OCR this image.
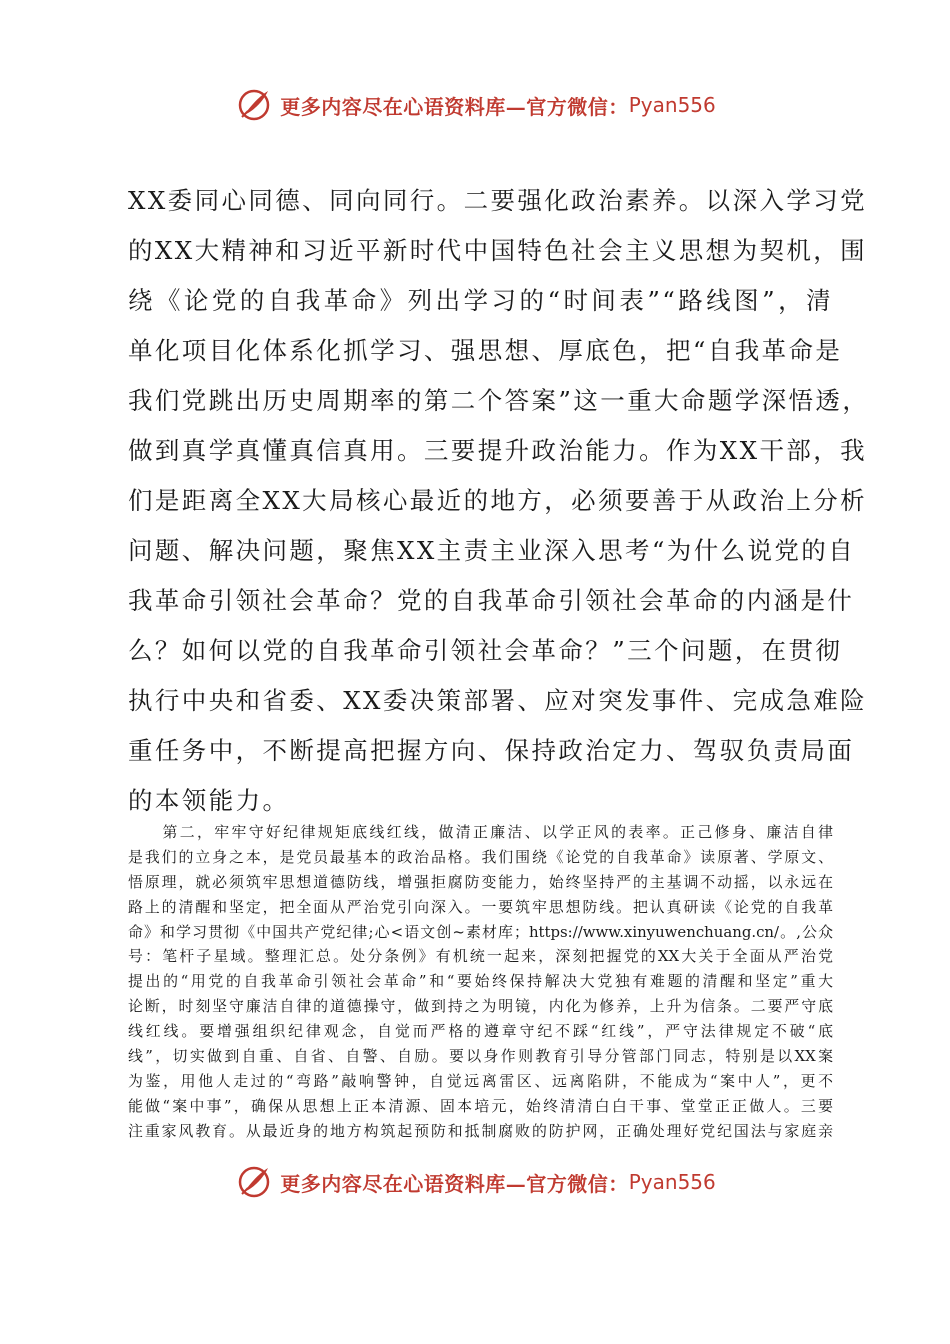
更多内容尽在心语资料库—官方微信： Pyan556
XX委同心同德、同向同行。二要强化政治素养。以深入学习党
的XX大精神和习近平新时代中国特色社会主义思想为契机，围
绕《论党的自我革命》列出学习的“时间表”“路线图”，清
单化项目化体系化抓学习、强思想、厚底色，把“自我革命是
我们党跳出历史周期率的第二个答案”这一重大命题学深悟透，
做到真学真懂真信真用。三要提升政治能力。作为XX干部，我
们是距离全XX大局核心最近的地方，必须要善于从政治上分析
问题、解决问题，聚焦XX主责主业深入思考“为什么说党的自
我革命引领社会革命？党的自我革命引领社会革命的内涵是什
么？如何以党的自我革命引领社会革命？”三个问题，在贯彻
执行中央和省委、XX委决策部署、应对突发事件、完成急难险
重任务中，不断提高把握方向、保持政治定力、驾驭负责局面
的本领能力。
　　第二，牢牢守好纪律规矩底线红线，做清正廉洁、以学正风的表率。正己修身、廉洁自律
是我们的立身之本，是党员最基本的政治品格。我们围绕《论党的自我革命》读原著、学原文、
悟原理，就必须筑牢思想道德防线，增强拒腐防变能力，始终坚持严的主基调不动摇，以永远在
路上的清醒和坚定，把全面从严治党引向深入。一要筑牢思想防线。把认真研读《论党的自我革
命》和学习贯彻《中国共产党纪律;心<语文创~素材库；https://www.xinyuwenchuang.cn/。,公众
号：笔杆子星域。整理汇总。处分条例》有机统一起来，深刻把握党的XX大关于全面从严治党
提出的“用党的自我革命引领社会革命”和“要始终保持解决大党独有难题的清醒和坚定”重大
论断，时刻坚守廉洁自律的道德操守，做到持之为明镜，内化为修养，上升为信条。二要严守底
线红线。要增强组织纪律观念，自觉而严格的遵章守纪不踩“红线”，严守法律规定不破“底
线”，切实做到自重、自省、自警、自励。要以身作则教育引导分管部门同志，特别是以XX案
为鉴，用他人走过的“弯路”敲响警钟，自觉远离雷区、远离陷阱，不能成为“案中人”，更不
能做“案中事”，确保从思想上正本清源、固本培元，始终清清白白干事、堂堂正正做人。三要
注重家风教育。从最近身的地方构筑起预防和抵制腐败的防护网，正确处理好党纪国法与家庭亲
更多内容尽在心语资料库—官方微信： Pyan556
